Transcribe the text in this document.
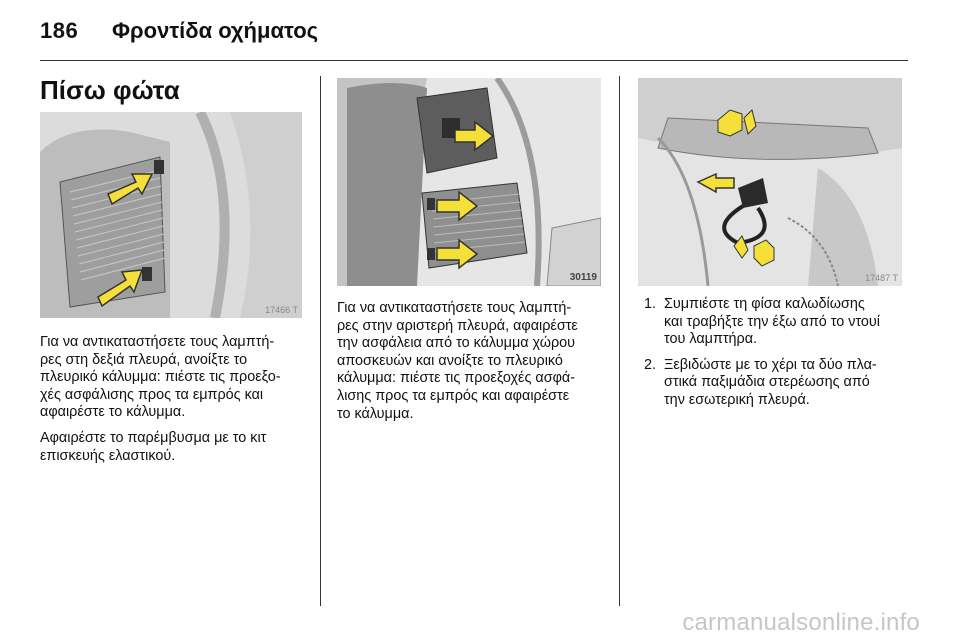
186 Φροντίδα οχήματος
Πίσω φώτα
17466 T
30119	17487 T

Για να αντικαταστήσετε τους λαμπτή-
ρες στη δεξιά πλευρά, ανοίξτε το
πλευρικό κάλυμμα: πιέστε τις προεξο-
χές ασφάλισης προς τα εμπρός και
αφαιρέστε το κάλυμμα.

Αφαιρέστε το παρέμβυσμα με το κιτ
επισκευής ελαστικού.

Για να αντικαταστήσετε τους λαμπτή-
ρες στην αριστερή πλευρά, αφαιρέστε
την ασφάλεια από το κάλυμμα χώρου
αποσκευών και ανοίξτε το πλευρικό
κάλυμμα: πιέστε τις προεξοχές ασφά-
λισης προς τα εμπρός και αφαιρέστε
το κάλυμμα.

1. Συμπιέστε τη φίσα καλωδίωσης
και τραβήξτε την έξω από το ντουί
του λαμπτήρα.
2. Ξεβιδώστε με το χέρι τα δύο πλα-
στικά παξιμάδια στερέωσης από
την εσωτερική πλευρά.
carmanualsonline.info
